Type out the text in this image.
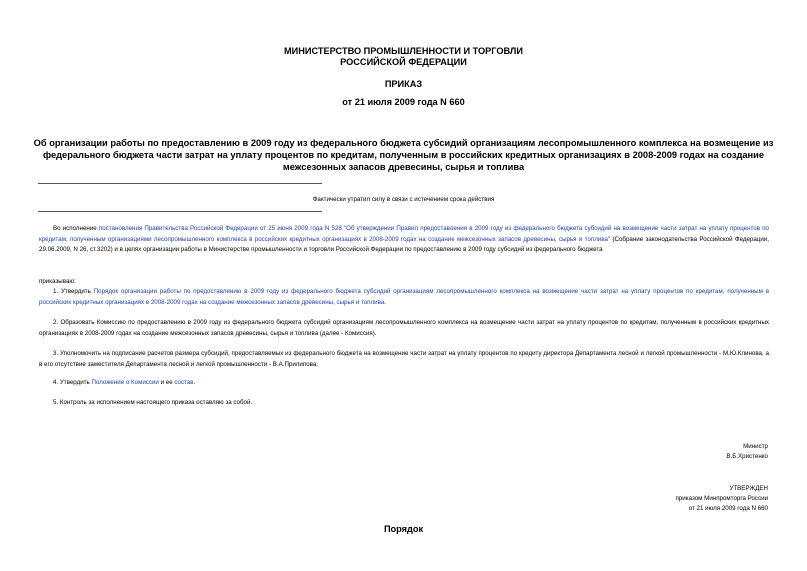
МИНИСТЕРСТВО ПРОМЫШЛЕННОСТИ И ТОРГОВЛИ
РОССИЙСКОЙ ФЕДЕРАЦИИ
ПРИКАЗ
от 21 июля 2009 года N 660
Об организации работы по предоставлению в 2009 году из федерального бюджета субсидий организациям лесопромышленного комплекса на возмещение из федерального бюджета части затрат на уплату процентов по кредитам, полученным в российских кредитных организациях в 2008-2009 годах на создание межсезонных запасов древесины, сырья и топлива
Фактически утратил силу в связи с истечением срока действия
Во исполнение постановления Правительства Российской Федерации от 25 июня 2009 года N 528 "Об утверждении Правил предоставления в 2009 году из федерального бюджета субсидий на возмещение части затрат на уплату процентов по кредитам, полученным организациями лесопромышленного комплекса в российских кредитных организациях в 2008-2009 годах на создание межсезонных запасов древесины, сырья и топлива" (Собрание законодательства Российской Федерации, 29.06.2009, N 26, ст.3202) и в целях организации работы в Министерстве промышленности и торговли Российской Федерации по предоставлению в 2009 году субсидий из федерального бюджета
приказываю:
1. Утвердить Порядок организации работы по предоставлению в 2009 году из федерального бюджета субсидий организациям лесопромышленного комплекса на возмещение части затрат на уплату процентов по кредитам, полученным в российских кредитных организациях в 2008-2009 годах на создание межсезонных запасов древесины, сырья и топлива.
2. Образовать Комиссию по предоставлению в 2009 году из федерального бюджета субсидий организациям лесопромышленного комплекса на возмещение части затрат на уплату процентов по кредитам, полученным в российских кредитных организациях в 2008-2009 годах на создание межсезонных запасов древесины, сырья и топлива (далее - Комиссия).
3. Уполномочить на подписание расчетов размера субсидий, предоставляемых из федерального бюджета на возмещение части затрат на уплату процентов по кредиту директора Департамента лесной и легкой промышленности - М.Ю.Клинова, а в его отсутствие заместителя Департамента лесной и легкой промышленности - В.А.Прилипова.
4. Утвердить Положение о Комиссии и ее состав.
5. Контроль за исполнением настоящего приказа оставляю за собой.
Министр
В.Б.Христенко
УТВЕРЖДЕН
приказом Минпромторга России
от 21 июля 2009 года N 660
Порядок
